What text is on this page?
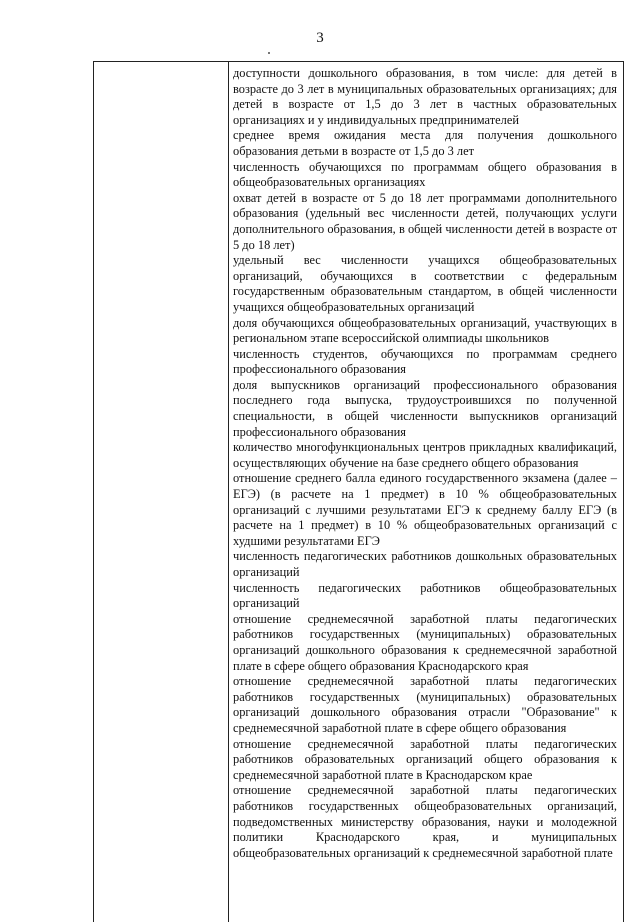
3

доступности дошкольного образования, в том числе: для детей в возрасте до 3 лет в муниципальных образовательных организациях; для детей в возрасте от 1,5 до 3 лет в частных образовательных организациях и у индивидуальных предпринимателей

среднее время ожидания места для получения дошкольного образования детьми в возрасте от 1,5 до 3 лет

численность обучающихся по программам общего образования в общеобразовательных организациях

охват детей в возрасте от 5 до 18 лет программами дополнительного образования (удельный вес численности детей, получающих услуги дополнительного образования, в общей численности детей в возрасте от 5 до 18 лет)

удельный вес численности учащихся общеобразовательных организаций, обучающихся в соответствии с федеральным государственным образовательным стандартом, в общей численности учащихся общеобразовательных организаций

доля обучающихся общеобразовательных организаций, участвующих в региональном этапе всероссийской олимпиады школьников

численность студентов, обучающихся по программам среднего профессионального образования

доля выпускников организаций профессионального образования последнего года выпуска, трудоустроившихся по полученной специальности, в общей численности выпускников организаций профессионального образования

количество многофункциональных центров прикладных квалификаций, осуществляющих обучение на базе среднего общего образования

отношение среднего балла единого государственного экзамена (далее – ЕГЭ) (в расчете на 1 предмет) в 10 % общеобразовательных организаций с лучшими результатами ЕГЭ к среднему баллу ЕГЭ (в расчете на 1 предмет) в 10 % общеобразовательных организаций с худшими результатами ЕГЭ

численность педагогических работников дошкольных образовательных организаций

численность педагогических работников общеобразовательных организаций

отношение среднемесячной заработной платы педагогических работников государственных (муниципальных) образовательных организаций дошкольного образования к среднемесячной заработной плате в сфере общего образования Краснодарского края

отношение среднемесячной заработной платы педагогических работников государственных (муниципальных) образовательных организаций дошкольного образования отрасли "Образование" к среднемесячной заработной плате в сфере общего образования

отношение среднемесячной заработной платы педагогических работников образовательных организаций общего образования к среднемесячной заработной плате в Краснодарском крае

отношение среднемесячной заработной платы педагогических работников государственных общеобразовательных организаций, подведомственных министерству образования, науки и молодежной политики Краснодарского края, и муниципальных общеобразовательных организаций к среднемесячной заработной плате
